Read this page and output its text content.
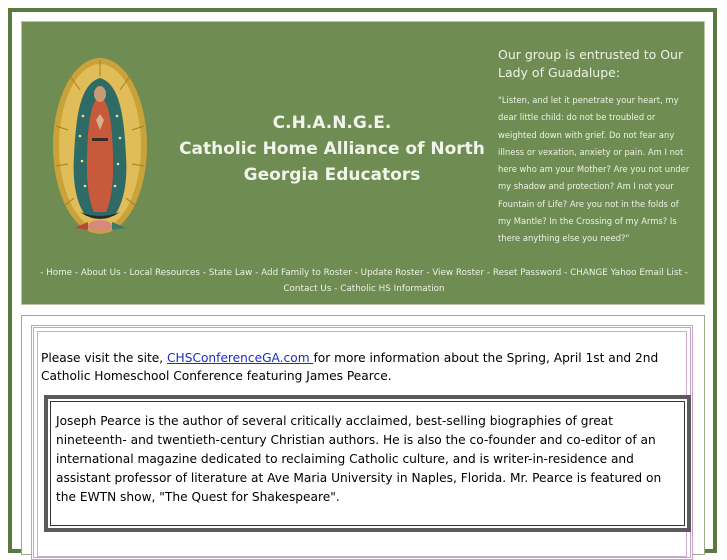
C.H.A.N.G.E.
Catholic Home Alliance of North
Georgia Educators
Our group is entrusted to Our Lady of Guadalupe:
"Listen, and let it penetrate your heart, my dear little child: do not be troubled or weighted down with grief. Do not fear any illness or vexation, anxiety or pain. Am I not here who am your Mother? Are you not under my shadow and protection? Am I not your Fountain of Life? Are you not in the folds of my Mantle? In the Crossing of my Arms? Is there anything else you need?"
- Home - About Us - Local Resources - State Law - Add Family to Roster - Update Roster - View Roster - Reset Password - CHANGE Yahoo Email List - Contact Us - Catholic HS Information
Please visit the site, CHSConferenceGA.com for more information about the Spring, April 1st and 2nd Catholic Homeschool Conference featuring James Pearce.
Joseph Pearce is the author of several critically acclaimed, best-selling biographies of great nineteenth- and twentieth-century Christian authors. He is also the co-founder and co-editor of an international magazine dedicated to reclaiming Catholic culture, and is writer-in-residence and assistant professor of literature at Ave Maria University in Naples, Florida. Mr. Pearce is featured on the EWTN show, "The Quest for Shakespeare".
